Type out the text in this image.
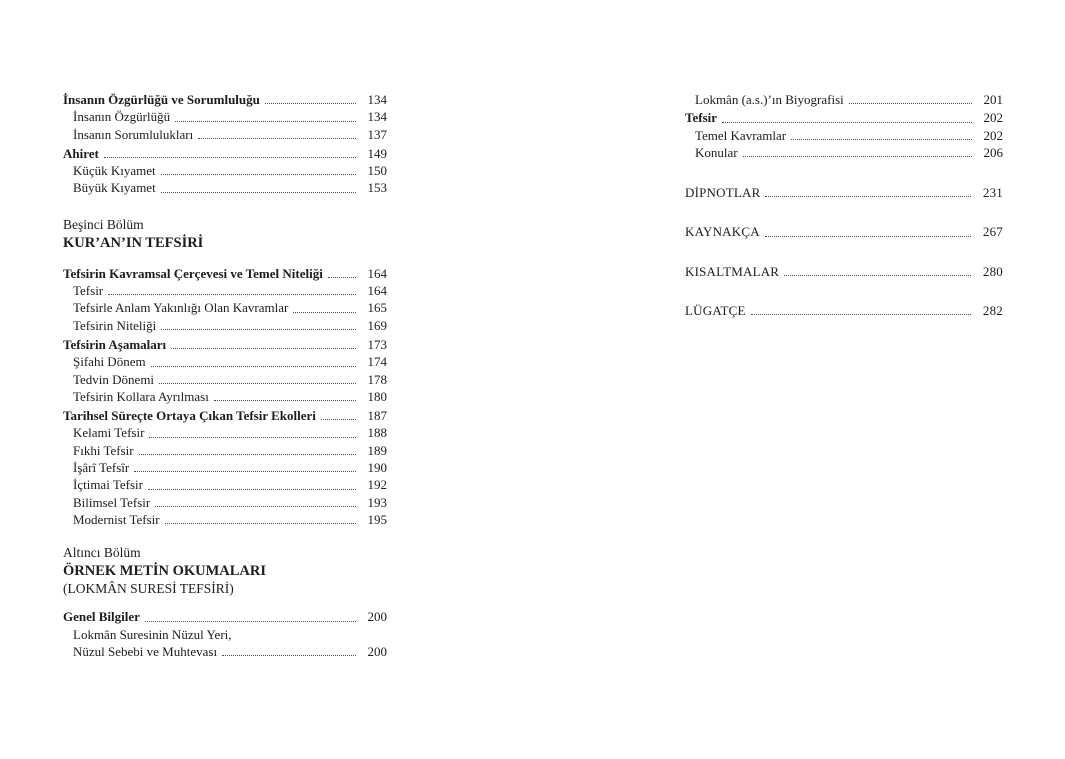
İnsanın Özgürlüğü ve Sorumluluğu	134
İnsanın Özgürlüğü	134
İnsanın Sorumlulukları	137
Ahiret	149
Küçük Kıyamet	150
Büyük Kıyamet	153
Beşinci Bölüm
KUR’AN’IN TEFSİRİ
Tefsirin Kavramsal Çerçevesi ve Temel Niteliği	164
Tefsir	164
Tefsirle Anlam Yakınlığı Olan Kavramlar	165
Tefsirin Niteliği	169
Tefsirin Aşamaları	173
Şifahi Dönem	174
Tedvin Dönemi	178
Tefsirin Kollara Ayrılması	180
Tarihsel Süreçte Ortaya Çıkan Tefsir Ekolleri	187
Kelami Tefsir	188
Fıkhi Tefsir	189
İşârî Tefsîr	190
İçtimai Tefsir	192
Bilimsel Tefsir	193
Modernist Tefsir	195
Altıncı Bölüm
ÖRNEK METİN OKUMALARI
(LOKMÂN SURESİ TEFSİRİ)
Genel Bilgiler	200
Lokmân Suresinin Nüzul Yeri,
Nüzul Sebebi ve Muhtevası	200
Lokmân (a.s.)’ın Biyografisi	201
Tefsir	202
Temel Kavramlar	202
Konular	206
DİPNOTLAR	231
KAYNAKÇA	267
KISALTMALAR	280
LÜGATÇE	282
